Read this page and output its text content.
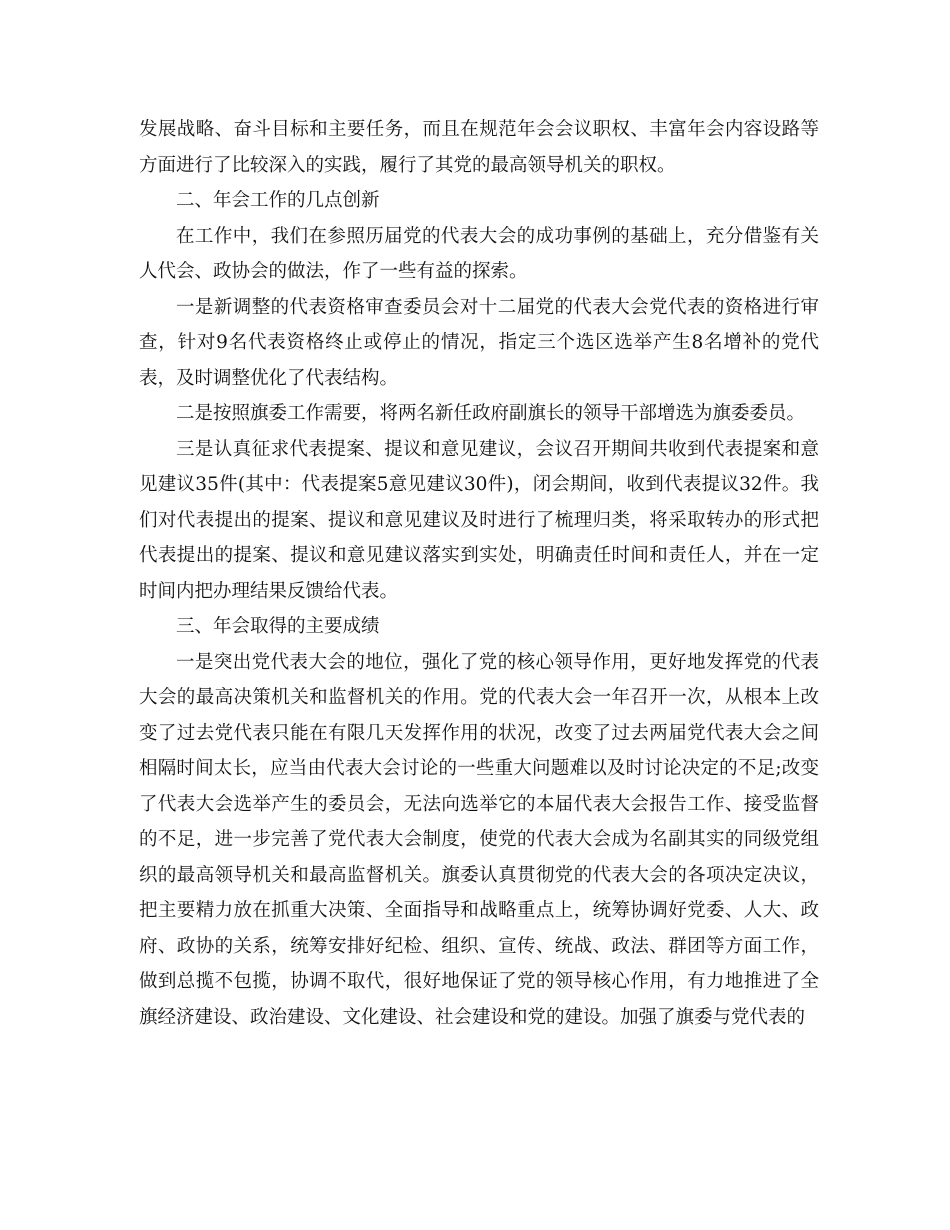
发展战略、奋斗目标和主要任务，而且在规范年会会议职权、丰富年会内容设路等方面进行了比较深入的实践，履行了其党的最高领导机关的职权。

二、年会工作的几点创新

在工作中，我们在参照历届党的代表大会的成功事例的基础上，充分借鉴有关人代会、政协会的做法，作了一些有益的探索。

一是新调整的代表资格审查委员会对十二届党的代表大会党代表的资格进行审查，针对9名代表资格终止或停止的情况，指定三个选区选举产生8名增补的党代表，及时调整优化了代表结构。

二是按照旗委工作需要，将两名新任政府副旗长的领导干部增选为旗委委员。

三是认真征求代表提案、提议和意见建议，会议召开期间共收到代表提案和意见建议35件(其中：代表提案5意见建议30件)，闭会期间，收到代表提议32件。我们对代表提出的提案、提议和意见建议及时进行了梳理归类，将采取转办的形式把代表提出的提案、提议和意见建议落实到实处，明确责任时间和责任人，并在一定时间内把办理结果反馈给代表。

三、年会取得的主要成绩

一是突出党代表大会的地位，强化了党的核心领导作用，更好地发挥党的代表大会的最高决策机关和监督机关的作用。党的代表大会一年召开一次，从根本上改变了过去党代表只能在有限几天发挥作用的状况，改变了过去两届党代表大会之间相隔时间太长，应当由代表大会讨论的一些重大问题难以及时讨论决定的不足;改变了代表大会选举产生的委员会，无法向选举它的本届代表大会报告工作、接受监督的不足，进一步完善了党代表大会制度，使党的代表大会成为名副其实的同级党组织的最高领导机关和最高监督机关。旗委认真贯彻党的代表大会的各项决定决议，把主要精力放在抓重大决策、全面指导和战略重点上，统筹协调好党委、人大、政府、政协的关系，统筹安排好纪检、组织、宣传、统战、政法、群团等方面工作，做到总揽不包揽，协调不取代，很好地保证了党的领导核心作用，有力地推进了全旗经济建设、政治建设、文化建设、社会建设和党的建设。加强了旗委与党代表的
